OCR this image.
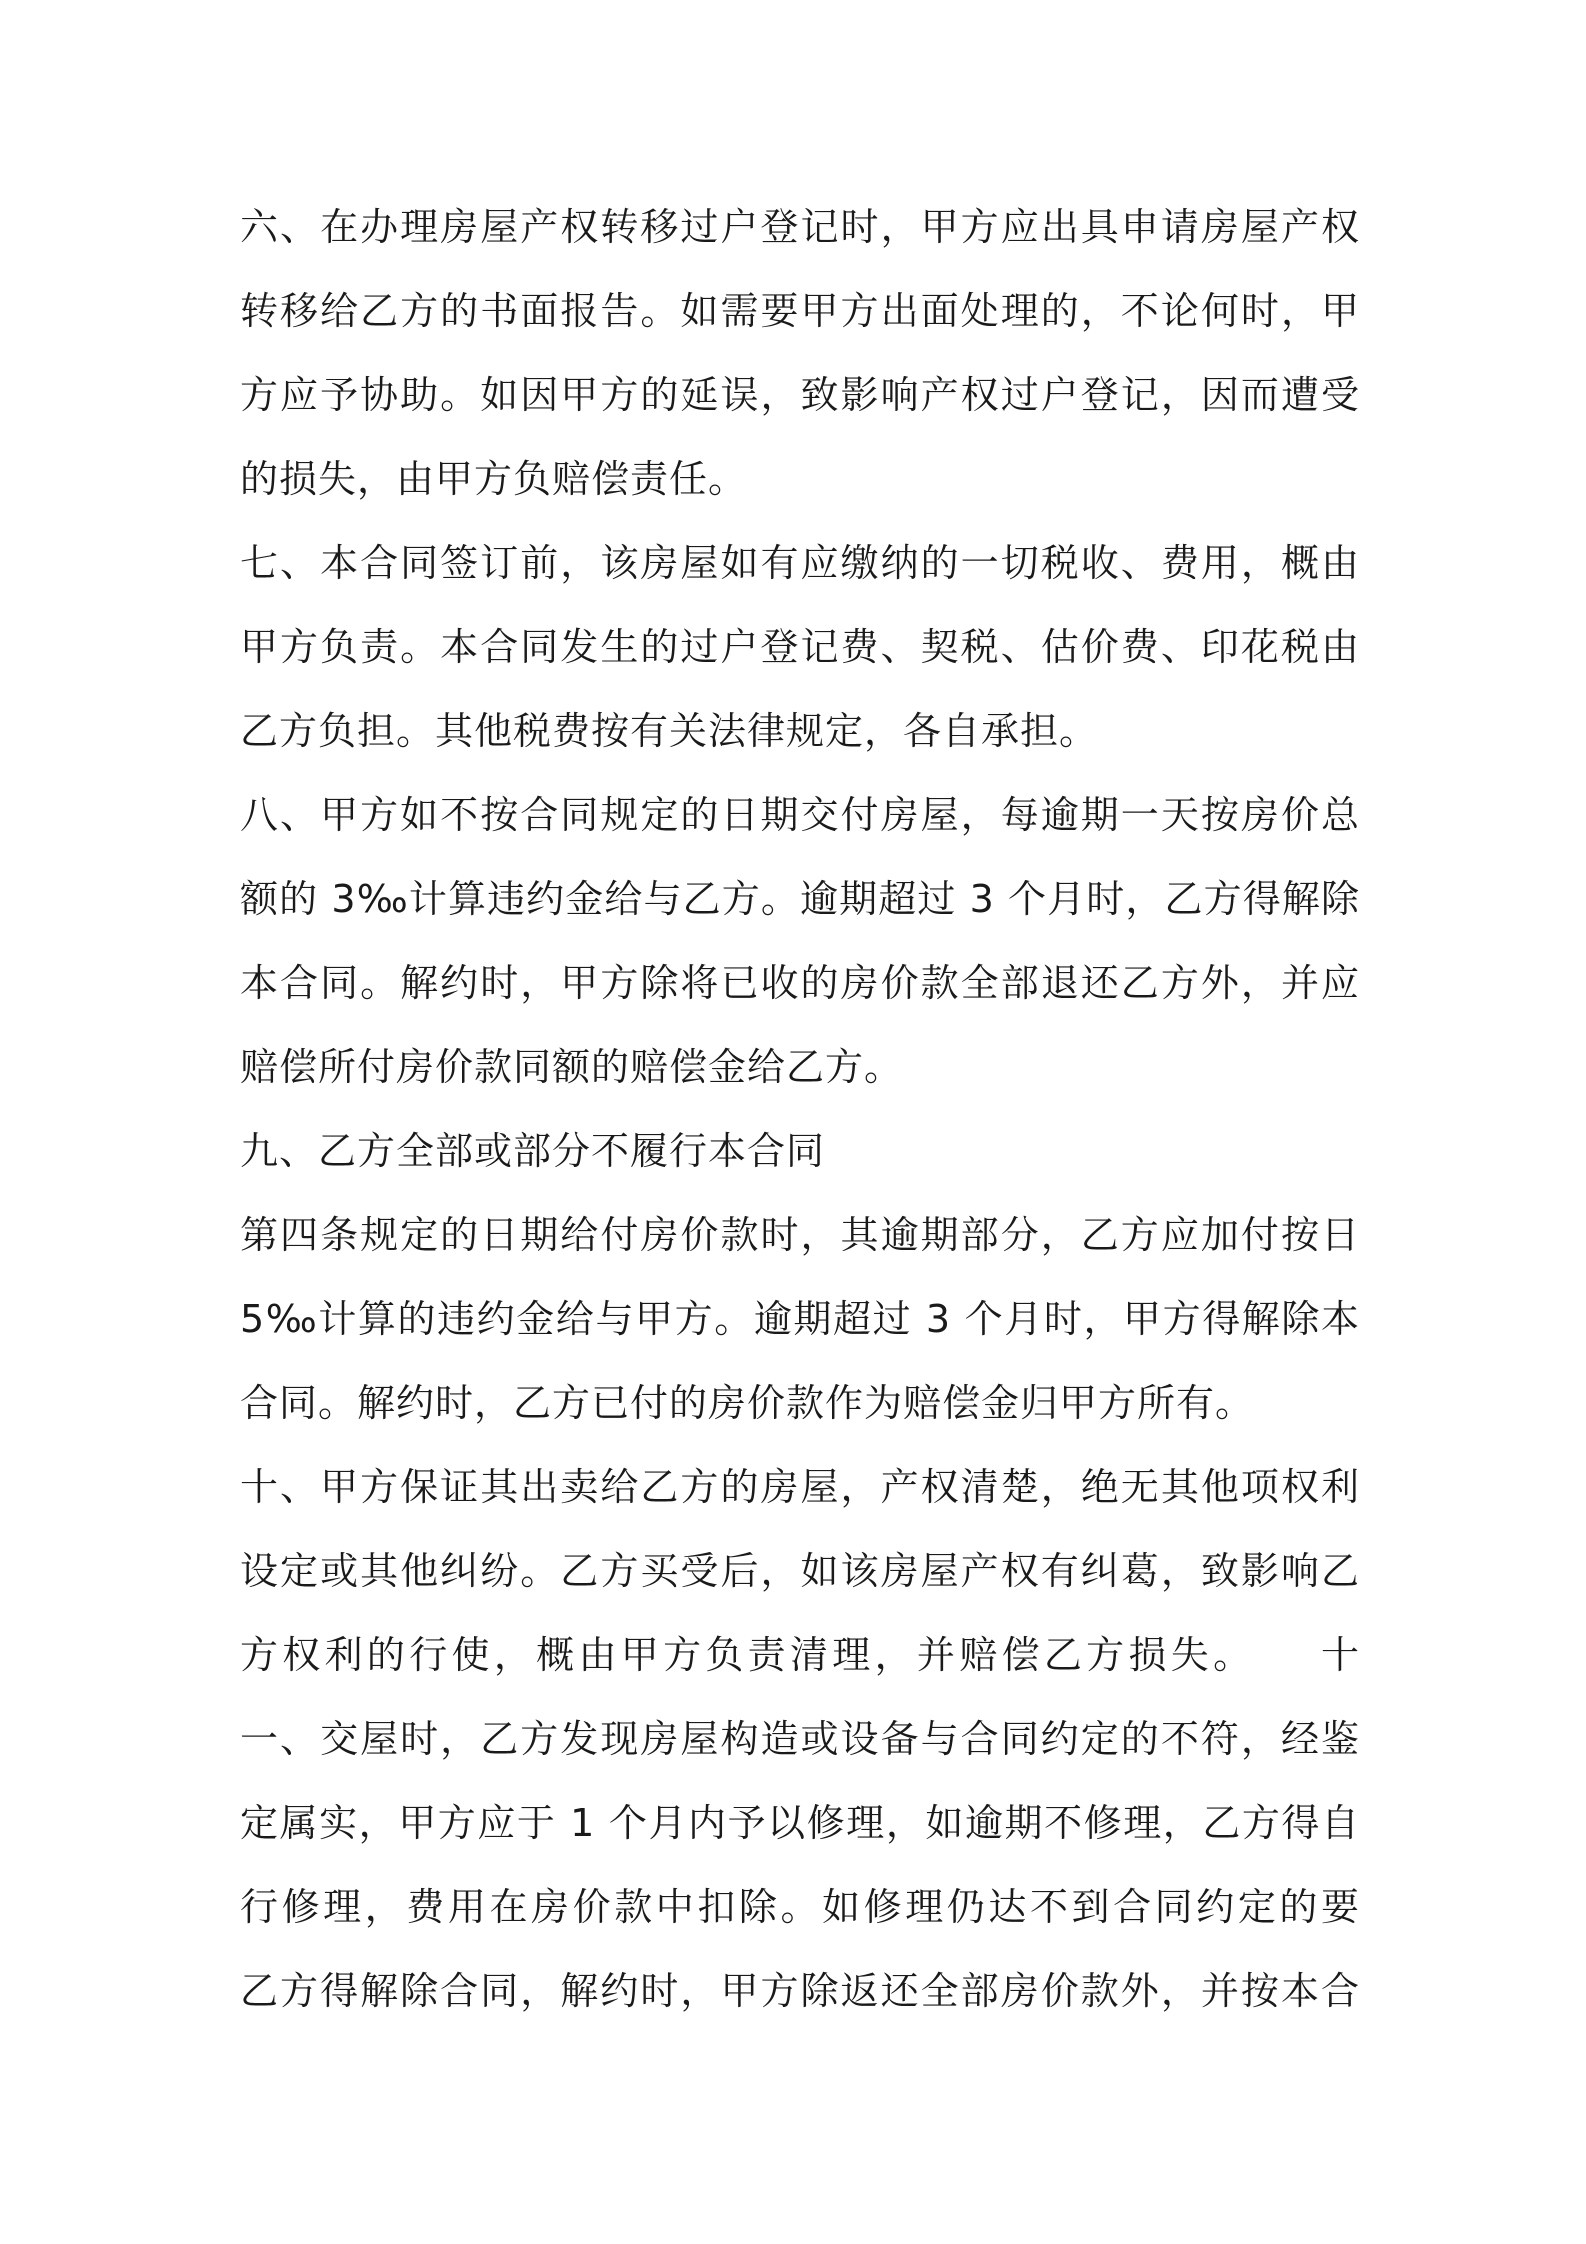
六、在办理房屋产权转移过户登记时，甲方应出具申请房屋产权
转移给乙方的书面报告。如需要甲方出面处理的，不论何时，甲
方应予协助。如因甲方的延误，致影响产权过户登记，因而遭受
的损失，由甲方负赔偿责任。
七、本合同签订前，该房屋如有应缴纳的一切税收、费用，概由
甲方负责。本合同发生的过户登记费、契税、估价费、印花税由
乙方负担。其他税费按有关法律规定，各自承担。
八、甲方如不按合同规定的日期交付房屋，每逾期一天按房价总
额的 3‰计算违约金给与乙方。逾期超过 3 个月时，乙方得解除
本合同。解约时，甲方除将已收的房价款全部退还乙方外，并应
赔偿所付房价款同额的赔偿金给乙方。
九、乙方全部或部分不履行本合同
第四条规定的日期给付房价款时，其逾期部分，乙方应加付按日
5‰计算的违约金给与甲方。逾期超过 3 个月时，甲方得解除本
合同。解约时，乙方已付的房价款作为赔偿金归甲方所有。
十、甲方保证其出卖给乙方的房屋，产权清楚，绝无其他项权利
设定或其他纠纷。乙方买受后，如该房屋产权有纠葛，致影响乙
方权利的行使，概由甲方负责清理，并赔偿乙方损失。　　十
一、交屋时，乙方发现房屋构造或设备与合同约定的不符，经鉴
定属实，甲方应于 1 个月内予以修理，如逾期不修理，乙方得自
行修理，费用在房价款中扣除。如修理仍达不到合同约定的要
乙方得解除合同，解约时，甲方除返还全部房价款外，并按本合
